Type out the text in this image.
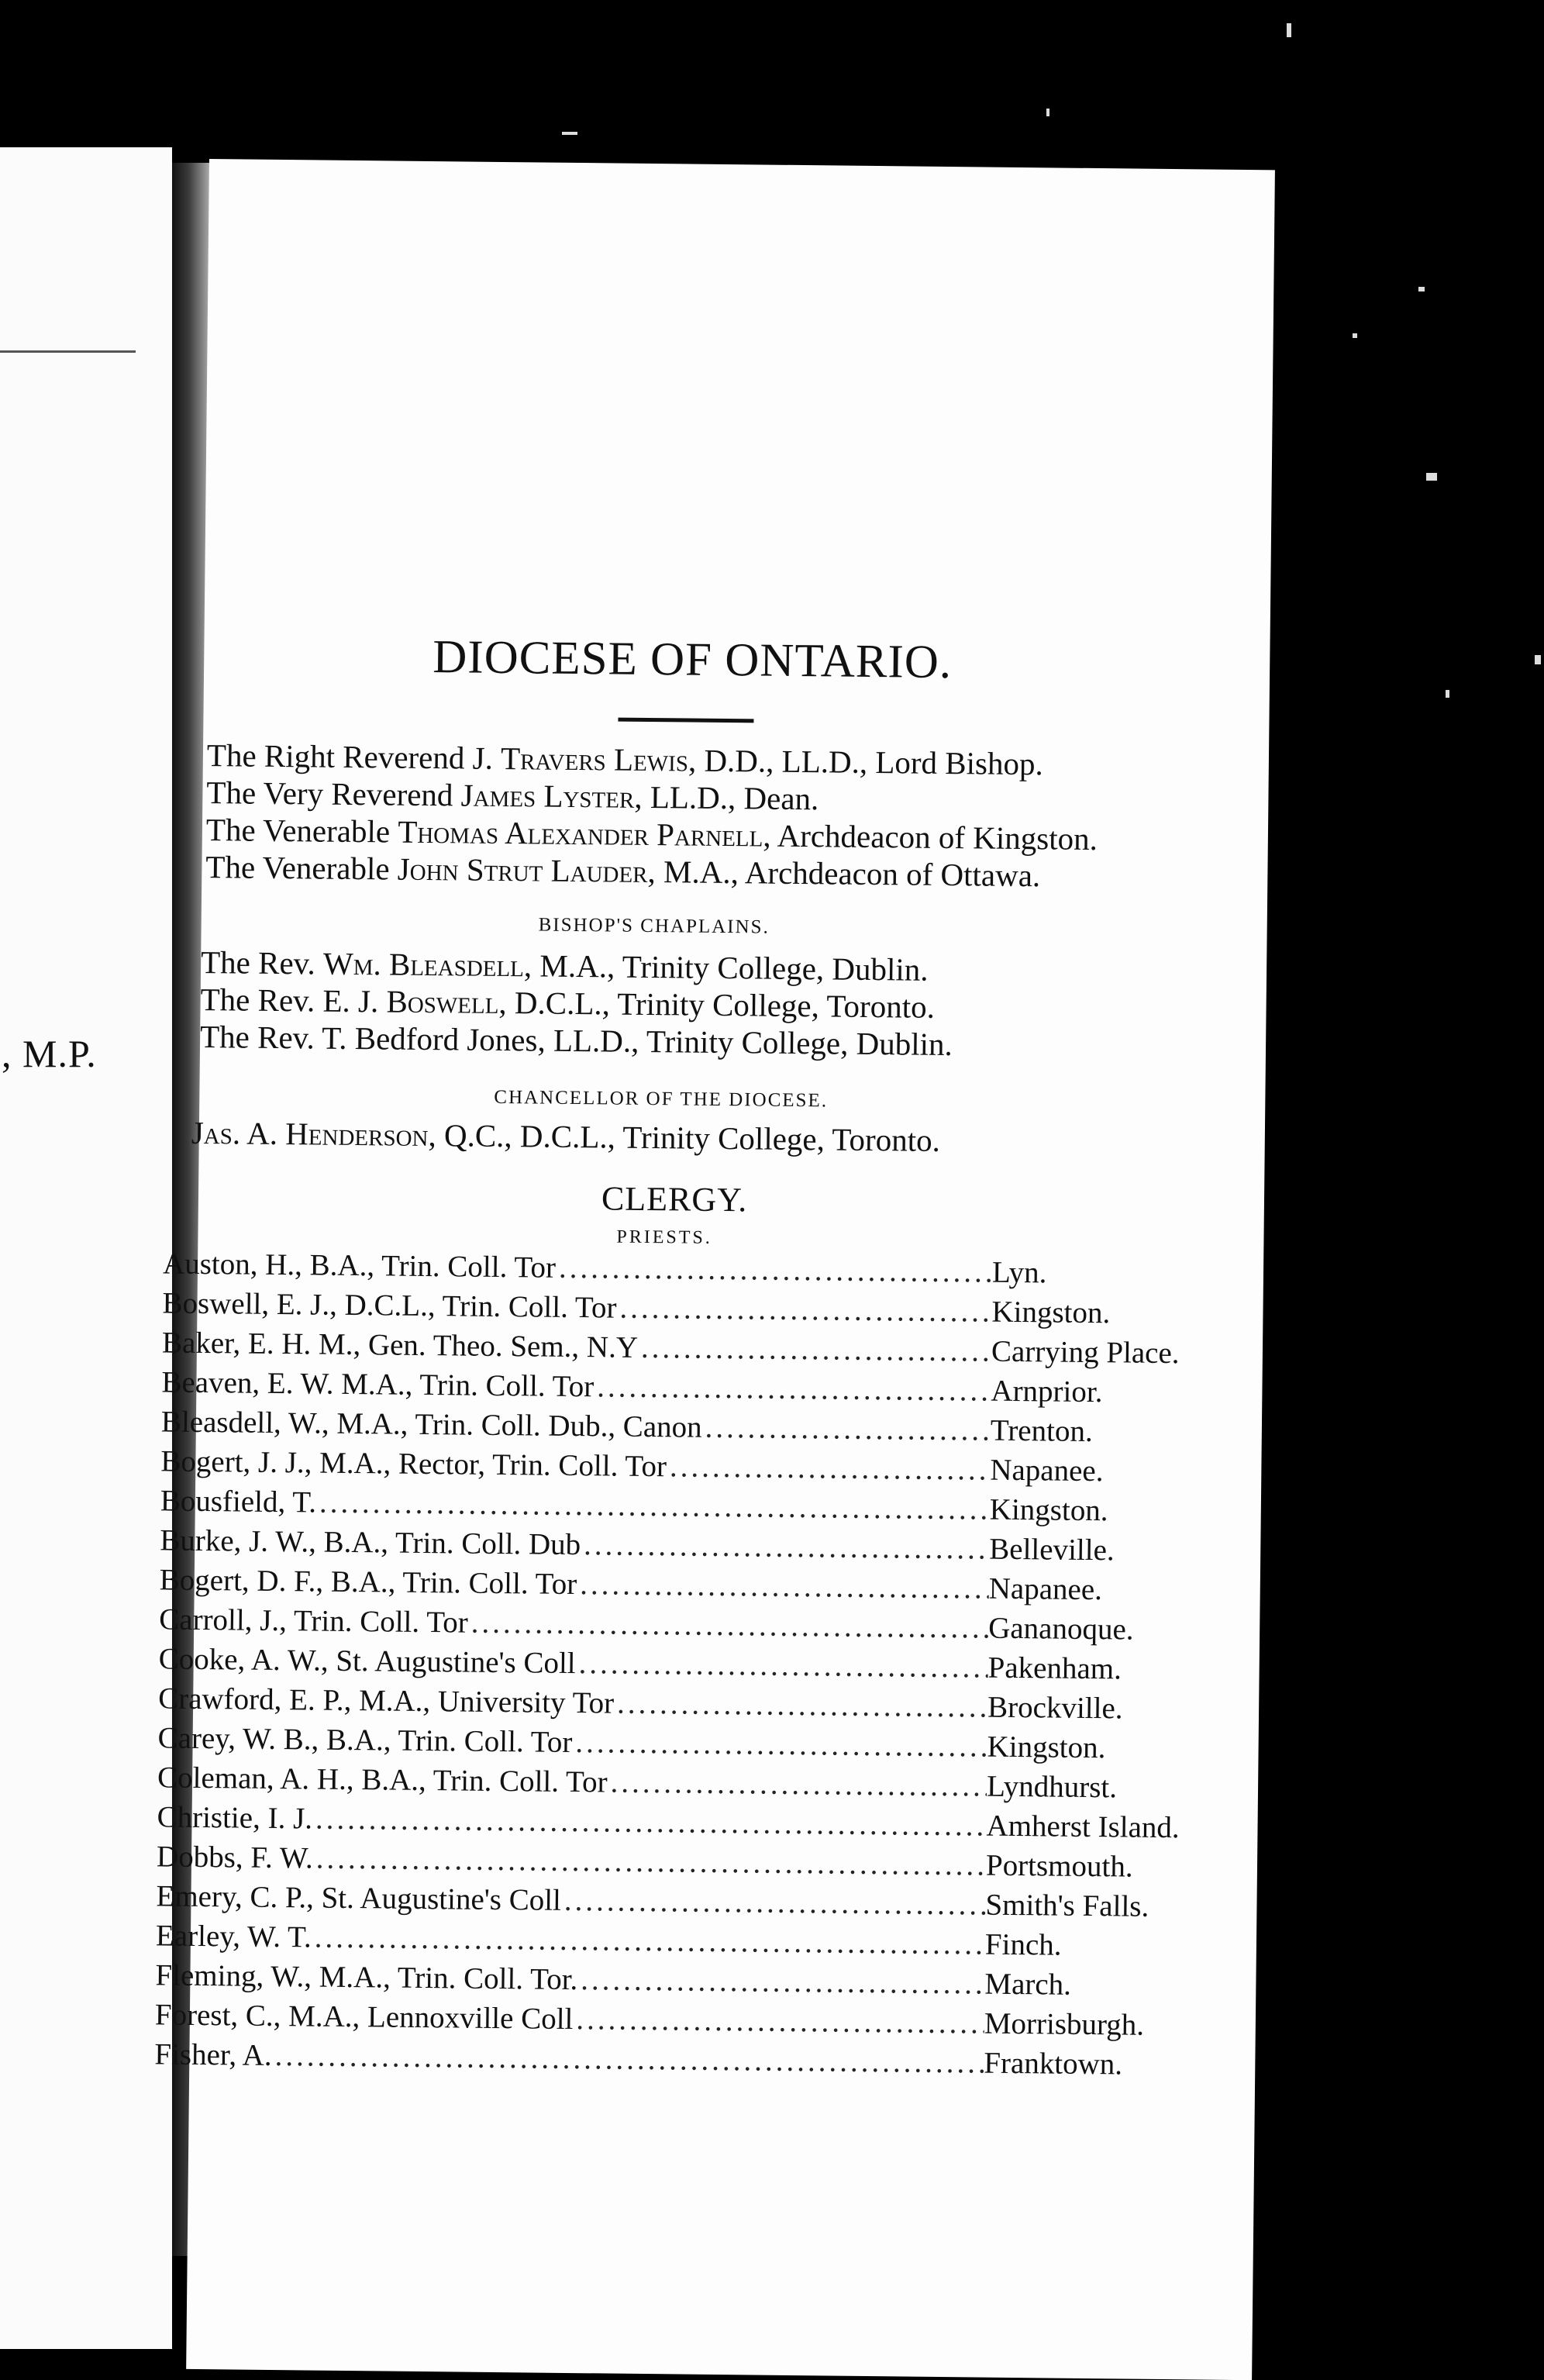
, M.P.
DIOCESE OF ONTARIO.
The Right Reverend J. Travers Lewis, D.D., LL.D., Lord Bishop.
The Very Reverend James Lyster, LL.D., Dean.
The Venerable Thomas Alexander Parnell, Archdeacon of Kingston.
The Venerable John Strut Lauder, M.A., Archdeacon of Ottawa.
BISHOP'S CHAPLAINS.
The Rev. Wm. Bleasdell, M.A., Trinity College, Dublin.
The Rev. E. J. Boswell, D.C.L., Trinity College, Toronto.
The Rev. T. Bedford Jones, LL.D., Trinity College, Dublin.
CHANCELLOR OF THE DIOCESE.
Jas. A. Henderson, Q.C., D.C.L., Trinity College, Toronto.
CLERGY.
PRIESTS.
Auston, H., B.A., Trin. Coll. Tor .....	Lyn.
Boswell, E. J., D.C.L., Trin. Coll. Tor .....	Kingston.
Baker, E. H. M., Gen. Theo. Sem., N.Y .....	Carrying Place.
Beaven, E. W. M.A., Trin. Coll. Tor .....	Arnprior.
Bleasdell, W., M.A., Trin. Coll. Dub., Canon .....	Trenton.
Bogert, J. J., M.A., Rector, Trin. Coll. Tor .....	Napanee.
Bousfield, T. .....	Kingston.
Burke, J. W., B.A., Trin. Coll. Dub .....	Belleville.
Bogert, D. F., B.A., Trin. Coll. Tor .....	Napanee.
Carroll, J., Trin. Coll. Tor .....	Gananoque.
Cooke, A. W., St. Augustine's Coll .....	Pakenham.
Crawford, E. P., M.A., University Tor .....	Brockville.
Carey, W. B., B.A., Trin. Coll. Tor .....	Kingston.
Coleman, A. H., B.A., Trin. Coll. Tor .....	Lyndhurst.
Christie, I. J. .....	Amherst Island.
Dobbs, F. W. .....	Portsmouth.
Emery, C. P., St. Augustine's Coll .....	Smith's Falls.
Earley, W. T. .....	Finch.
Fleming, W., M.A., Trin. Coll. Tor. .....	March.
Forest, C., M.A., Lennoxville Coll .....	Morrisburgh.
Fisher, A. .....	Franktown.
